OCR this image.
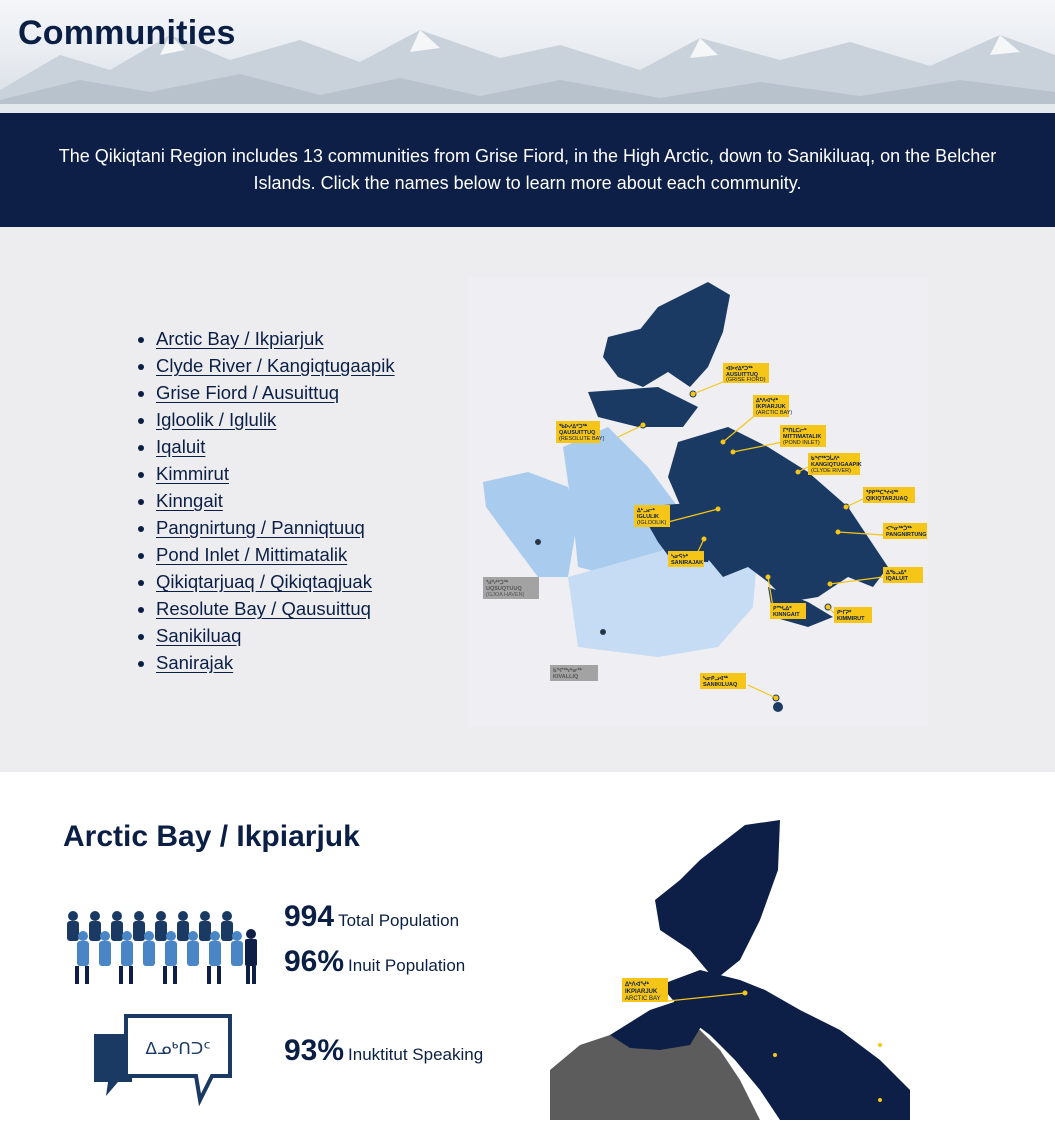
Communities

The Qikiqtani Region includes 13 communities from Grise Fiord, in the High Arctic, down to Sanikiluaq, on the Belcher Islands. Click the names below to learn more about each community.

• Arctic Bay / Ikpiarjuk
• Clyde River / Kangiqtugaapik
• Grise Fiord / Ausuittuq
• Igloolik / Iglulik
• Iqaluit
• Kimmirut
• Kinngait
• Pangnirtung / Panniqtuuq
• Pond Inlet / Mittimatalik
• Qikiqtarjuaq / Qikiqtaqjuak
• Resolute Bay / Qausuittuq
• Sanikiluaq
• Sanirajak
ᐊᐅᔪᐃᑦᑐᖅ
AUSUITTUQ
(GRISE FIORD)
ᐃᒃᐱᐊᕐᔪᒃ
IKPIARJUK
(ARCTIC BAY)
ᖃᐅᓱᐃᑦᑐᖅ
QAUSUITTUQ
(RESOLUTE BAY)
ᒥᑦᑎᒪᑕᓕᒃ
MITTIMATALIK
(POND INLET)
ᑲᖏᖅᑐᒑᐱᒃ
KANGIQTUGAAPIK
(CLYDE RIVER)
ᕿᑭᖅᑕᕐᔪᐊᖅ
QIKIQTARJUAQ
ᐃᒡᓗᓕᒃ
IGLULIK
(IGLOOLIK)
ᐸᖕᓂᖅᑑᖅ
PANGNIRTUNG
ᓴᓂᕋᔭᒃ
SANIRAJAK
ᐃᖃᓗᐃᑦ
IQALUIT
ᑭᙵᐃᑦ
KINNGAIT	ᑭᒻᒥᕈᑦ
KIMMIRUT
ᓴᓂᑭᓗᐊᖅ
SANIKILUAQ
ᖁᕐᓱᒃᑐᖅ
UQSUQTUUQ
(GJOA HAVEN)
ᑲᖏᖅᖠᓂᖅ
KIVALLIQ
Arctic Bay / Ikpiarjuk
994 Total Population
96% Inuit Population
93% Inuktitut Speaking
ᐃᓄᒃᑎᑐᑦ
ᐃᒃᐱᐊᕐᔪᒃ
IKPIARJUK
ARCTIC BAY
